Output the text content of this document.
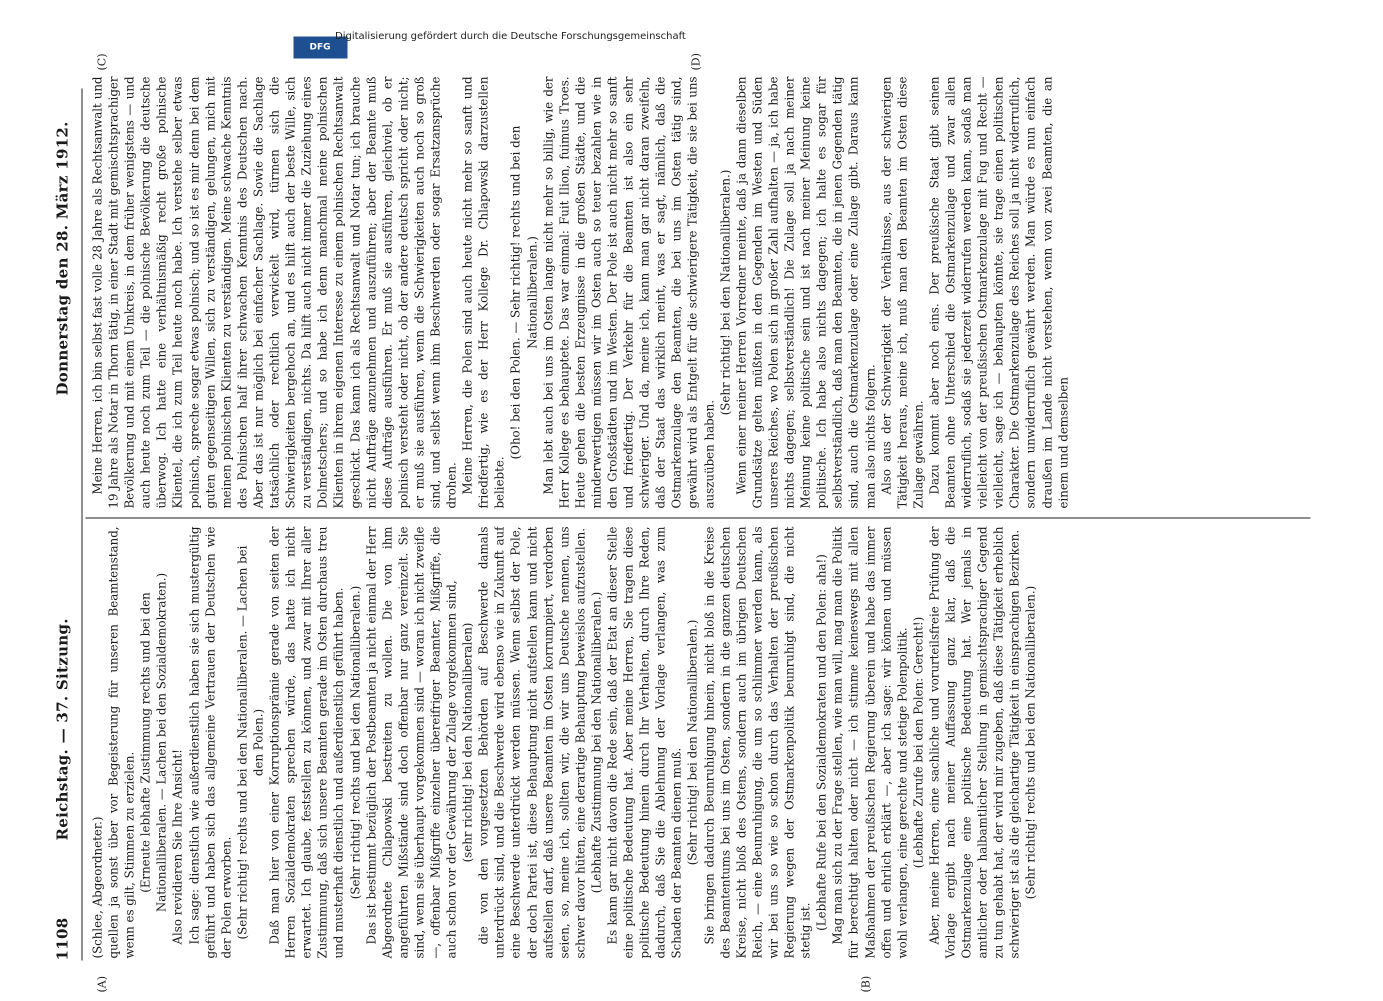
1108
Reichstag. — 37. Sitzung.
Donnerstag den 28. März 1912.
(A)	(B)
(C)	(D)

(Schlee, Abgeordneter.) quellen ja sonst über vor Begeisterung für unseren Beamtenstand, wenn es gilt, Stimmen zu erzielen. (Erneute lebhafte Zustimmung rechts und bei den Nationalliberalen. — Lachen bei den Sozialdemokraten.) Also revidieren Sie Ihre Ansicht! Ich sage: dienstlich wie außerdienstlich haben sie sich mustergültig geführt und haben sich das allgemeine Vertrauen der Deutschen wie der Polen erworben. (Sehr richtig! rechts und bei den Nationalliberalen. — Lachen bei den Polen.) Daß man hier von einer Korruptionsprämie gerade von seiten der Herren Sozialdemokraten sprechen würde, das hatte ich nicht erwartet. Ich glaube, feststellen zu können, und zwar mit Ihrer aller Zustimmung, daß sich unsere Beamten gerade im Osten durchaus treu und musterhaft dienstlich und außerdienstlich geführt haben. (Sehr richtig! rechts und bei den Nationalliberalen.) Das ist bestimmt bezüglich der Postbeamten ja nicht einmal der Herr Abgeordnete Chlapowski bestreiten zu wollen. Die von ihm angeführten Mißstände sind doch offenbar nur ganz vereinzelt. Sie sind, wenn sie überhaupt vorgekommen sind — woran ich nicht zweifle —, offenbar Mißgriffe einzelner übereifriger Beamter, Mißgriffe, die auch schon vor der Gewährung der Zulage vorgekommen sind, (sehr richtig! bei den Nationalliberalen) die von den vorgesetzten Behörden auf Beschwerde damals unterdrückt sind, und die Beschwerde wird ebenso wie in Zukunft auf eine Beschwerde unterdrückt werden müssen. Wenn selbst der Pole, der doch Partei ist, diese Behauptung nicht aufstellen kann und nicht aufstellen darf, daß unsere Beamten im Osten korrumpiert, verdorben seien, so, meine ich, sollten wir, die wir uns Deutsche nennen, uns schwer davor hüten, eine derartige Behauptung beweislos aufzustellen. (Lebhafte Zustimmung bei den Nationalliberalen.) Es kann gar nicht davon die Rede sein, daß der Etat an dieser Stelle eine politische Bedeutung hat. Aber meine Herren, Sie tragen diese politische Bedeutung hinein durch Ihr Verhalten, durch Ihre Reden, dadurch, daß Sie die Ablehnung der Vorlage verlangen, was zum Schaden der Beamten dienen muß. (Sehr richtig! bei den Nationalliberalen.) Sie bringen dadurch Beunruhigung hinein, nicht bloß in die Kreise des Beamtentums bei uns im Osten, sondern in die ganzen deutschen Kreise, nicht bloß des Ostens, sondern auch im übrigen Deutschen Reich, — eine Beunruhigung, die um so schlimmer werden kann, als wir bei uns so wie so schon durch das Verhalten der preußischen Regierung wegen der Ostmarkenpolitik beunruhigt sind, die nicht stetig ist. (Lebhafte Rufe bei den Sozialdemokraten und den Polen: aha!) Mag man sich zu der Frage stellen, wie man will, mag man die Politik für berechtigt halten oder nicht — ich stimme keineswegs mit allen Maßnahmen der preußischen Regierung überein und habe das immer offen und ehrlich erklärt —, aber ich sage: wir können und müssen wohl verlangen, eine gerechte und stetige Polenpolitik. (Lebhafte Zurufe bei den Polen: Gerecht!) Aber, meine Herren, eine sachliche und vorurteilsfreie Prüfung der Vorlage ergibt nach meiner Auffassung ganz klar, daß die Ostmarkenzulage eine politische Bedeutung hat. Wer jemals in amtlicher oder halbamtlicher Stellung in gemischtsprachiger Gegend zu tun gehabt hat, der wird mir zugeben, daß diese Tätigkeit erheblich schwieriger ist als die gleichartige Tätigkeit in einsprachigen Bezirken. (Sehr richtig! rechts und bei den Nationalliberalen.)

Meine Herren, ich bin selbst fast volle 28 Jahre als Rechtsanwalt und 19 Jahre als Notar in Thorn tätig, in einer Stadt mit gemischtsprachiger Bevölkerung und mit einem Umkreis, in dem früher wenigstens — und auch heute noch zum Teil — die polnische Bevölkerung die deutsche überwog. Ich hatte eine verhältnismäßig recht große polnische Klientel, die ich zum Teil heute noch habe. Ich verstehe selber etwas polnisch, spreche sogar etwas polnisch; und so ist es mir denn bei dem guten gegenseitigen Willen, sich zu verständigen, gelungen, mich mit meinen polnischen Klienten zu verständigen. Meine schwache Kenntnis des Polnischen half ihrer schwachen Kenntnis des Deutschen nach. Aber das ist nur möglich bei einfacher Sachlage. Sowie die Sachlage tatsächlich oder rechtlich verwickelt wird, türmen sich die Schwierigkeiten bergehoch an, und es hilft auch der beste Wille, sich zu verständigen, nichts. Da hilft auch nicht immer die Zuziehung eines Dolmetschers; und so habe ich denn manchmal meine polnischen Klienten in ihrem eigenen Interesse zu einem polnischen Rechtsanwalt geschickt. Das kann ich als Rechtsanwalt und Notar tun; ich brauche nicht Aufträge anzunehmen und auszuführen; aber der Beamte muß diese Aufträge ausführen. Er muß sie ausführen, gleichviel, ob er polnisch versteht oder nicht, ob der andere deutsch spricht oder nicht; er muß sie ausführen, wenn die Schwierigkeiten auch noch so groß sind, und selbst wenn ihm Beschwerden oder sogar Ersatzansprüche drohen. Meine Herren, die Polen sind auch heute nicht mehr so sanft und friedfertig, wie es der Herr Kollege Dr. Chlapowski darzustellen beliebte.

(Oho! bei den Polen. — Sehr richtig! rechts und bei den Nationalliberalen.) Man lebt auch bei uns im Osten lange nicht mehr so billig, wie der Herr Kollege es behauptete. Das war einmal: Fuit Ilion, fuimus Troes. Heute gehen die besten Erzeugnisse in die großen Städte, und die minderwertigen müssen wir im Osten auch so teuer bezahlen wie in den Großstädten und im Westen. Der Pole ist auch nicht mehr so sanft und friedfertig. Der Verkehr für die Beamten ist also ein sehr schwieriger. Und da, meine ich, kann man gar nicht daran zweifeln, daß der Staat das wirklich meint, was er sagt, nämlich, daß die Ostmarkenzulage den Beamten, die bei uns im Osten tätig sind, gewährt wird als Entgelt für die schwierigere Tätigkeit, die sie bei uns auszuüben haben.

(Sehr richtig! bei den Nationalliberalen.) Wenn einer meiner Herren Vorredner meinte, daß ja dann dieselben Grundsätze gelten müßten in den Gegenden im Westen und Süden unseres Reiches, wo Polen sich in großer Zahl aufhalten — ja, ich habe nichts dagegen; selbstverständlich! Die Zulage soll ja nach meiner Meinung keine politische sein und ist nach meiner Meinung keine politische. Ich habe also nichts dagegen; ich halte es sogar für selbstverständlich, daß man den Beamten, die in jenen Gegenden tätig sind, auch die Ostmarkenzulage oder eine Zulage gibt. Daraus kann man also nichts folgern. Also aus der Schwierigkeit der Verhältnisse, aus der schwierigen Tätigkeit heraus, meine ich, muß man den Beamten im Osten diese Zulage gewähren. Dazu kommt aber noch eins. Der preußische Staat gibt seinen Beamten ohne Unterschied die Ostmarkenzulage und zwar allen widerruflich, sodaß sie jederzeit widerrufen werden kann, sodaß man vielleicht von der preußischen Ostmarkenzulage mit Fug und Recht — vielleicht, sage ich — behaupten könnte, sie trage einen politischen Charakter. Die Ostmarkenzulage des Reiches soll ja nicht widerruflich, sondern unwiderruflich gewährt werden. Man würde es nun einfach draußen im Lande nicht verstehen, wenn von zwei Beamten, die an einem und demselben

DFG
Digitalisierung gefördert durch die Deutsche Forschungsgemeinschaft
